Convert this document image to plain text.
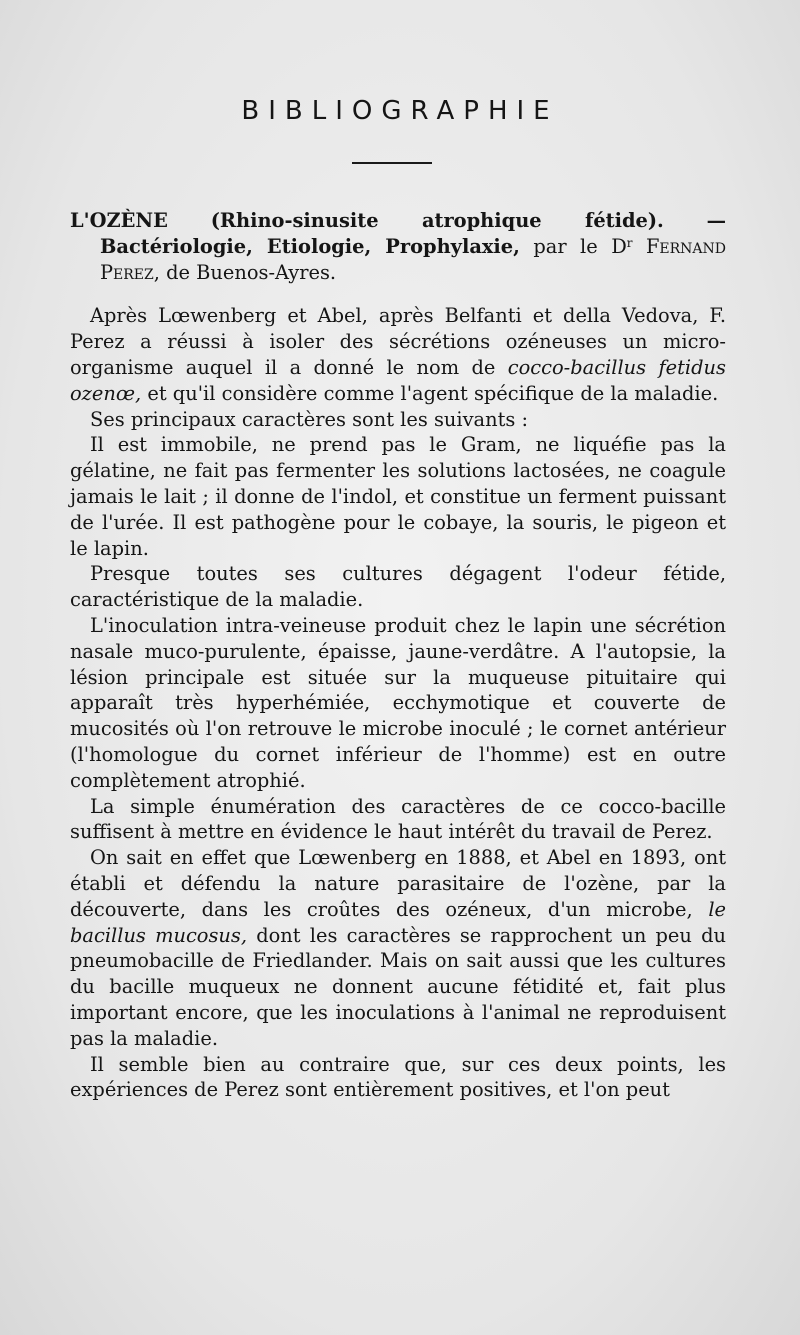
BIBLIOGRAPHIE

L'OZÈNE (Rhino-sinusite atrophique fétide). — Bactériologie, Etiologie, Prophylaxie, par le $D^r$ Fernand Perez, de Buenos-Ayres.

Après Lœwenberg et Abel, après Belfanti et della Vedova, F. Perez a réussi à isoler des sécrétions ozéneuses un micro-organisme auquel il a donné le nom de cocco-bacillus fetidus ozenœ, et qu'il considère comme l'agent spécifique de la maladie.

Ses principaux caractères sont les suivants :

Il est immobile, ne prend pas le Gram, ne liquéfie pas la gélatine, ne fait pas fermenter les solutions lactosées, ne coagule jamais le lait ; il donne de l'indol, et constitue un ferment puissant de l'urée. Il est pathogène pour le cobaye, la souris, le pigeon et le lapin.

Presque toutes ses cultures dégagent l'odeur fétide, caractéristique de la maladie.

L'inoculation intra-veineuse produit chez le lapin une sécrétion nasale muco-purulente, épaisse, jaune-verdâtre. A l'autopsie, la lésion principale est située sur la muqueuse pituitaire qui apparaît très hyperhémiée, ecchymotique et couverte de mucosités où l'on retrouve le microbe inoculé ; le cornet antérieur (l'homologue du cornet inférieur de l'homme) est en outre complètement atrophié.

La simple énumération des caractères de ce cocco-bacille suffisent à mettre en évidence le haut intérêt du travail de Perez.

On sait en effet que Lœwenberg en 1888, et Abel en 1893, ont établi et défendu la nature parasitaire de l'ozène, par la découverte, dans les croûtes des ozéneux, d'un microbe, le bacillus mucosus, dont les caractères se rapprochent un peu du pneumobacille de Friedlander. Mais on sait aussi que les cultures du bacille muqueux ne donnent aucune fétidité et, fait plus important encore, que les inoculations à l'animal ne reproduisent pas la maladie.

Il semble bien au contraire que, sur ces deux points, les expériences de Perez sont entièrement positives, et l'on peut
